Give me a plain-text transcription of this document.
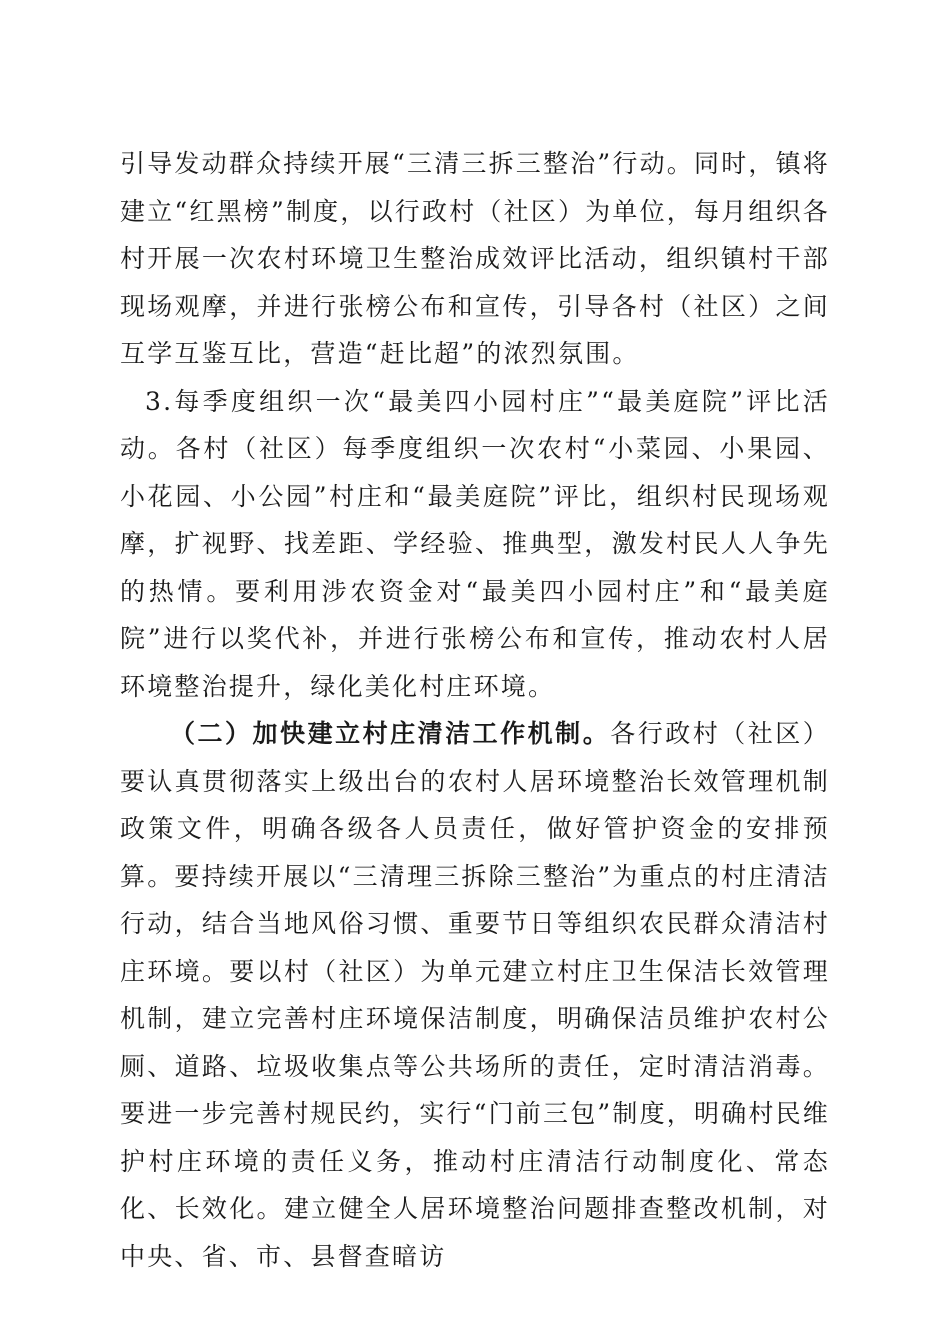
引导发动群众持续开展“三清三拆三整治”行动。同时，镇将建立“红黑榜”制度，以行政村（社区）为单位，每月组织各村开展一次农村环境卫生整治成效评比活动，组织镇村干部现场观摩，并进行张榜公布和宣传，引导各村（社区）之间互学互鉴互比，营造“赶比超”的浓烈氛围。

3.每季度组织一次“最美四小园村庄”“最美庭院”评比活动。各村（社区）每季度组织一次农村“小菜园、小果园、小花园、小公园”村庄和“最美庭院”评比，组织村民现场观摩，扩视野、找差距、学经验、推典型，激发村民人人争先的热情。要利用涉农资金对“最美四小园村庄”和“最美庭院”进行以奖代补，并进行张榜公布和宣传，推动农村人居环境整治提升，绿化美化村庄环境。

（二）加快建立村庄清洁工作机制。各行政村（社区）要认真贯彻落实上级出台的农村人居环境整治长效管理机制政策文件，明确各级各人员责任，做好管护资金的安排预算。要持续开展以“三清理三拆除三整治”为重点的村庄清洁行动，结合当地风俗习惯、重要节日等组织农民群众清洁村庄环境。要以村（社区）为单元建立村庄卫生保洁长效管理机制，建立完善村庄环境保洁制度，明确保洁员维护农村公厕、道路、垃圾收集点等公共场所的责任，定时清洁消毒。要进一步完善村规民约，实行“门前三包”制度，明确村民维护村庄环境的责任义务，推动村庄清洁行动制度化、常态化、长效化。建立健全人居环境整治问题排查整改机制，对中央、省、市、县督查暗访
